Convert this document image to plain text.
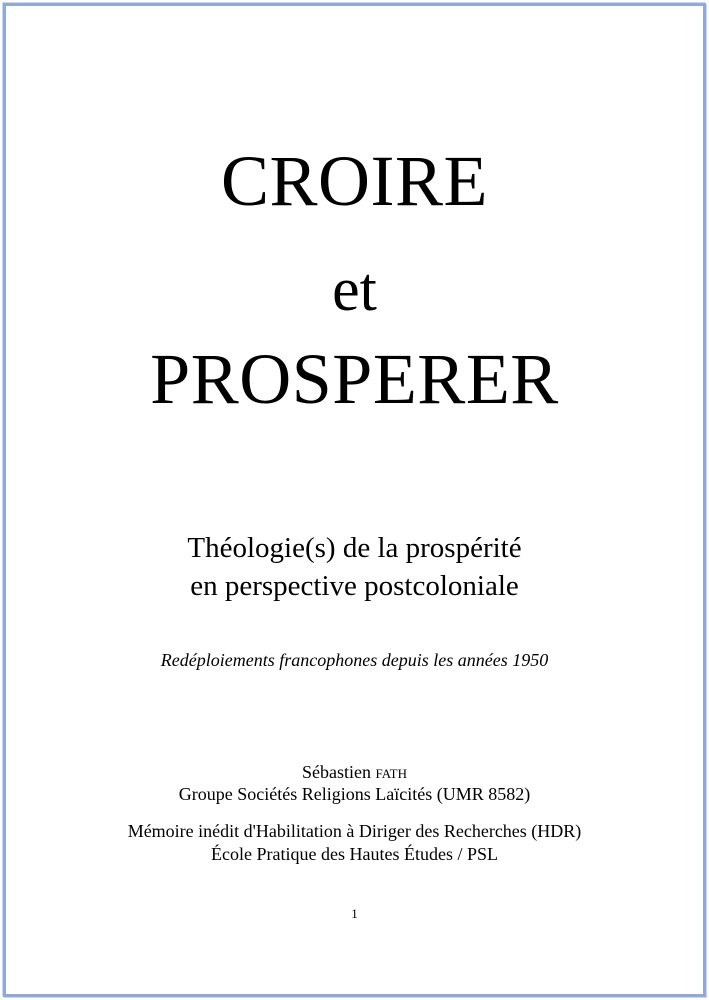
CROIRE
et
PROSPERER
Théologie(s) de la prospérité
en perspective postcoloniale
Redéploiements francophones depuis les années 1950
Sébastien fath
Groupe Sociétés Religions Laïcités (UMR 8582)
Mémoire inédit d'Habilitation à Diriger des Recherches (HDR)
École Pratique des Hautes Études / PSL
1
